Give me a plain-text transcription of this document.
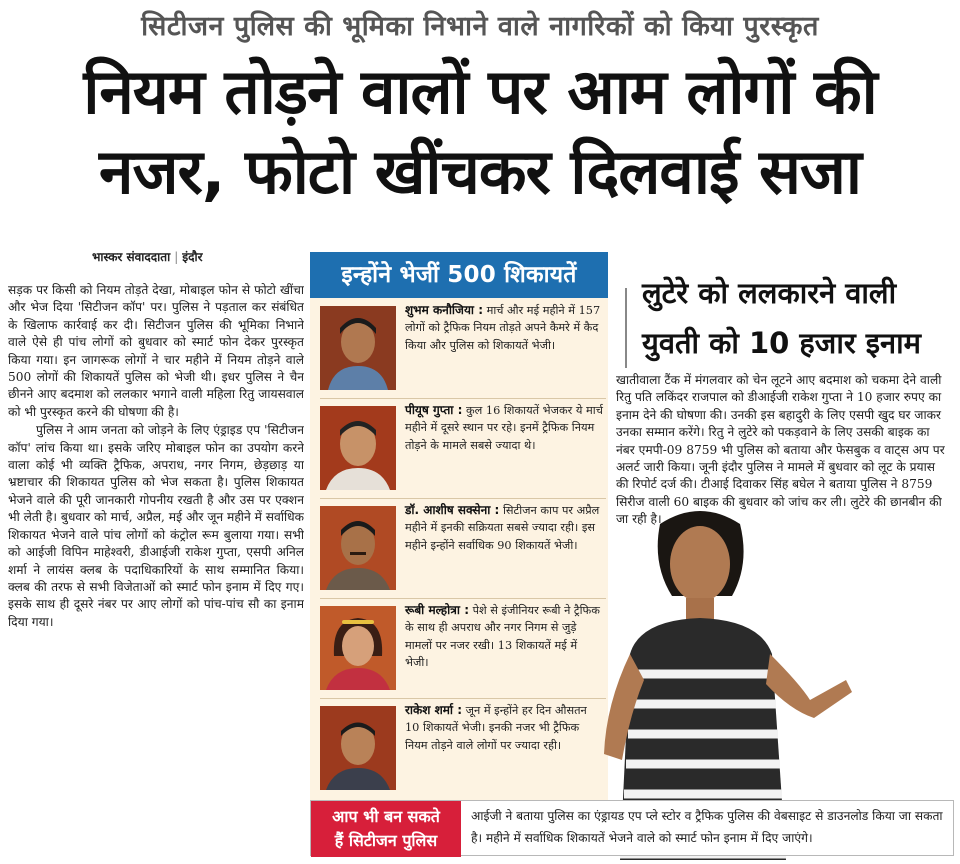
सिटीजन पुलिस की भूमिका निभाने वाले नागरिकों को किया पुरस्कृत
नियम तोड़ने वालों पर आम लोगों की
नजर, फोटो खींचकर दिलवाई सजा
भास्कर संवाददाता | इंदौर

सड़क पर किसी को नियम तोड़ते देखा, मोबाइल फोन से फोटो खींचा और भेज दिया 'सिटीजन कॉप' पर। पुलिस ने पड़ताल कर संबंधित के खिलाफ कार्रवाई कर दी। सिटीजन पुलिस की भूमिका निभाने वाले ऐसे ही पांच लोगों को बुधवार को स्मार्ट फोन देकर पुरस्कृत किया गया। इन जागरूक लोगों ने चार महीने में नियम तोड़ने वाले 500 लोगों की शिकायतें पुलिस को भेजी थी। इधर पुलिस ने चैन छीनने आए बदमाश को ललकार भगाने वाली महिला रितु जायसवाल को भी पुरस्कृत करने की घोषणा की है।

पुलिस ने आम जनता को जोड़ने के लिए एंड्राइड एप 'सिटीजन कॉप' लांच किया था। इसके जरिए मोबाइल फोन का उपयोग करने वाला कोई भी व्यक्ति ट्रैफिक, अपराध, नगर निगम, छेड़छाड़ या भ्रष्टाचार की शिकायत पुलिस को भेज सकता है। पुलिस शिकायत भेजने वाले की पूरी जानकारी गोपनीय रखती है और उस पर एक्शन भी लेती है। बुधवार को मार्च, अप्रैल, मई और जून महीने में सर्वाधिक शिकायत भेजने वाले पांच लोगों को कंट्रोल रूम बुलाया गया। सभी को आईजी विपिन माहेश्वरी, डीआईजी राकेश गुप्ता, एसपी अनिल शर्मा ने लायंस क्लब के पदाधिकारियों के साथ सम्मानित किया। क्लब की तरफ से सभी विजेताओं को स्मार्ट फोन इनाम में दिए गए। इसके साथ ही दूसरे नंबर पर आए लोगों को पांच-पांच सौ का इनाम दिया गया।

इन्होंने भेजीं 500 शिकायतें
शुभम कनौजिया : मार्च और मई महीने में 157 लोगों को ट्रैफिक नियम तोड़ते अपने कैमरे में कैद किया और पुलिस को शिकायतें भेजी।
पीयूष गुप्ता : कुल 16 शिकायतें भेजकर ये मार्च महीने में दूसरे स्थान पर रहे। इनमें ट्रैफिक नियम तोड़ने के मामले सबसे ज्यादा थे।
डॉ. आशीष सक्सेना : सिटीजन काप पर अप्रैल महीने में इनकी सक्रियता सबसे ज्यादा रही। इस महीने इन्होंने सर्वाधिक 90 शिकायतें भेजी।
रूबी मल्होत्रा : पेशे से इंजीनियर रूबी ने ट्रैफिक के साथ ही अपराध और नगर निगम से जुड़े मामलों पर नजर रखी। 13 शिकायतें मई में भेजी।
राकेश शर्मा : जून में इन्होंने हर दिन औसतन 10 शिकायतें भेजी। इनकी नजर भी ट्रैफिक नियम तोड़ने वाले लोगों पर ज्यादा रही।
लुटेरे को ललकारने वाली
युवती को 10 हजार इनाम

खातीवाला टैंक में मंगलवार को चेन लूटने आए बदमाश को चकमा देने वाली रितु पति लकिंदर राजपाल को डीआईजी राकेश गुप्ता ने 10 हजार रुपए का इनाम देने की घोषणा की। उनकी इस बहादुरी के लिए एसपी खुद घर जाकर उनका सम्मान करेंगे। रितु ने लुटेरे को पकड़वाने के लिए उसकी बाइक का नंबर एमपी-09 8759 भी पुलिस को बताया और फेसबुक व वाट्स अप पर अलर्ट जारी किया। जूनी इंदौर पुलिस ने मामले में बुधवार को लूट के प्रयास की रिपोर्ट दर्ज की। टीआई दिवाकर सिंह बघेल ने बताया पुलिस ने 8759 सिरीज वाली 60 बाइक की बुधवार को जांच कर ली। लुटेरे की छानबीन की जा रही है।

आप भी बन सकते
हैं सिटीजन पुलिस
आईजी ने बताया पुलिस का एंड्रायड एप प्ले स्टोर व ट्रैफिक पुलिस की वेबसाइट से डाउनलोड किया जा सकता है। महीने में सर्वाधिक शिकायतें भेजने वाले को स्मार्ट फोन इनाम में दिए जाएंगे।
